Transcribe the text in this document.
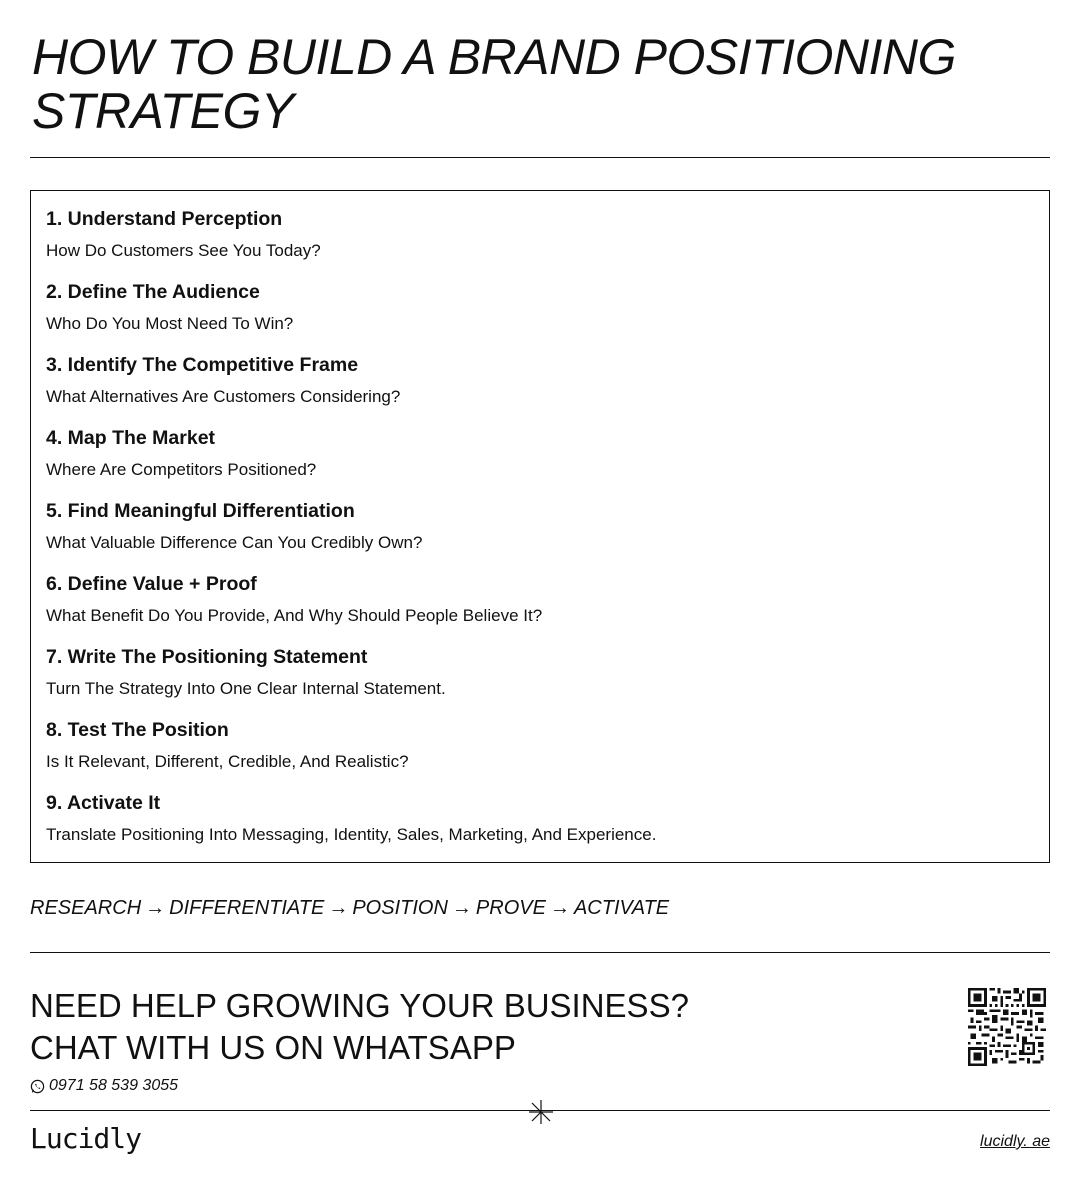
HOW TO BUILD A BRAND POSITIONING STRATEGY
1. Understand Perception
How Do Customers See You Today?
2. Define The Audience
Who Do You Most Need To Win?
3. Identify The Competitive Frame
What Alternatives Are Customers Considering?
4. Map The Market
Where Are Competitors Positioned?
5. Find Meaningful Differentiation
What Valuable Difference Can You Credibly Own?
6. Define Value + Proof
What Benefit Do You Provide, And Why Should People Believe It?
7. Write The Positioning Statement
Turn The Strategy Into One Clear Internal Statement.
8. Test The Position
Is It Relevant, Different, Credible, And Realistic?
9. Activate It
Translate Positioning Into Messaging, Identity, Sales, Marketing, And Experience.
RESEARCH → DIFFERENTIATE → POSITION → PROVE → ACTIVATE
NEED HELP GROWING YOUR BUSINESS?
CHAT WITH US ON WHATSAPP
0971 58 539 3055
Lucidly	lucidly. ae
